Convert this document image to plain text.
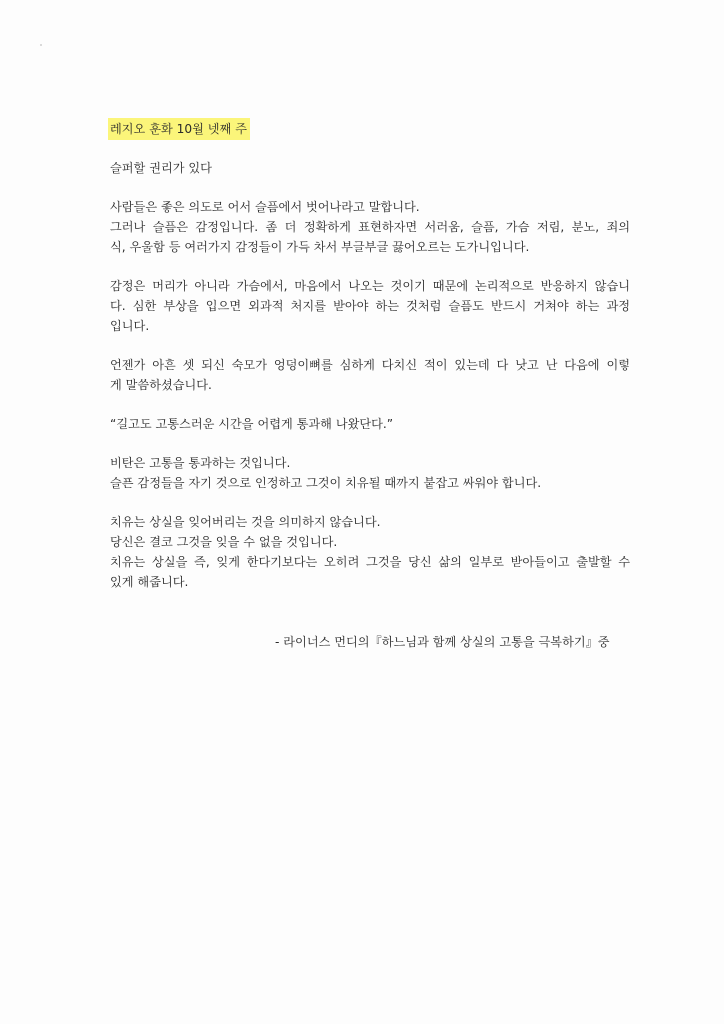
레지오 훈화 10월 넷째 주

슬퍼할 권리가 있다

사람들은 좋은 의도로 어서 슬픔에서 벗어나라고 말합니다.
그러나 슬픔은 감정입니다. 좀 더 정확하게 표현하자면 서러움, 슬픔, 가슴 저림, 분노, 죄의
식, 우울함 등 여러가지 감정들이 가득 차서 부글부글 끓어오르는 도가니입니다.

감정은 머리가 아니라 가슴에서, 마음에서 나오는 것이기 때문에 논리적으로 반응하지 않습니
다. 심한 부상을 입으면 외과적 처지를 받아야 하는 것처럼 슬픔도 반드시 거쳐야 하는 과정
입니다.

언젠가 아흔 셋 되신 숙모가 엉덩이뼈를 심하게 다치신 적이 있는데 다 낫고 난 다음에 이렇
게 말씀하셨습니다.

“길고도 고통스러운 시간을 어렵게 통과해 나왔단다.”

비탄은 고통을 통과하는 것입니다.
슬픈 감정들을 자기 것으로 인정하고 그것이 치유될 때까지 붙잡고 싸워야 합니다.

치유는 상실을 잊어버리는 것을 의미하지 않습니다.
당신은 결코 그것을 잊을 수 없을 것입니다.
치유는 상실을 즉, 잊게 한다기보다는 오히려 그것을 당신 삶의 일부로 받아들이고 출발할 수
있게 해줍니다.

- 라이너스 먼디의『하느님과 함께 상실의 고통을 극복하기』중
